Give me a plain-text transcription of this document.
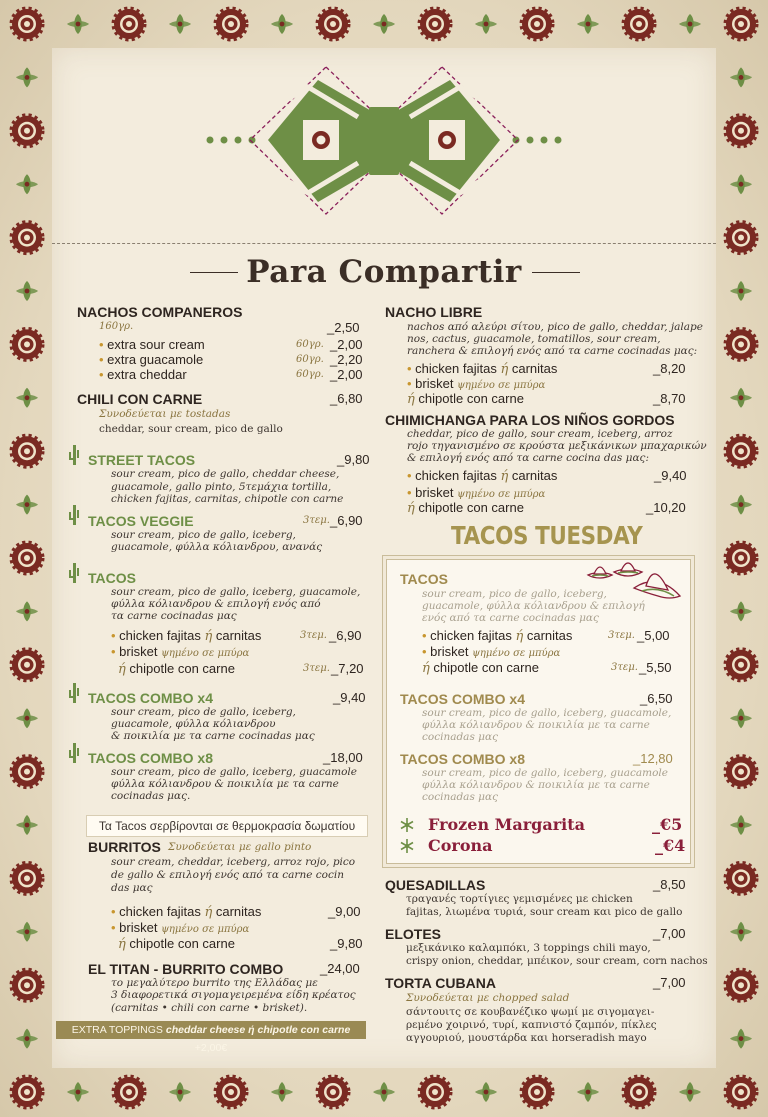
Para Compartir
NACHOS COMPANEROS
160γρ.	_2,50
• extra sour cream	60γρ. _2,00
• extra guacamole	60γρ. _2,20
• extra cheddar	60γρ. _2,00
CHILI CON CARNE	_6,80
Συνοδεύεται με tostadas
cheddar, sour cream, pico de gallo
STREET TACOS	_9,80
sour cream, pico de gallo, cheddar cheese,
guacamole, gallo pinto, 5τεμάχια tortilla,
chicken fajitas, carnitas, chipotle con carne
TACOS VEGGIE	3τεμ. _6,90
sour cream, pico de gallo, iceberg,
guacamole, φύλλα κόλιανδρου, ανανάς
TACOS
sour cream, pico de gallo, iceberg, guacamole,
φύλλα κόλιανδρου & επιλογή ενός από
τα carne cocinadas μας
• chicken fajitas ή carnitas	3τεμ. _6,90
• brisket ψημένο σε μπύρα
ή chipotle con carne	3τεμ. _7,20
TACOS COMBO x4	_9,40
sour cream, pico de gallo, iceberg,
guacamole, φύλλα κόλιανδρου
& ποικιλία με τα carne cocinadas μας
TACOS COMBO x8	_18,00
sour cream, pico de gallo, iceberg, guacamole
φύλλα κόλιανδρου & ποικιλία με τα carne
cocinadas μας.
Τα Tacos σερβίρονται σε θερμοκρασία δωματίου
BURRITOS Συνοδεύεται με gallo pinto
sour cream, cheddar, iceberg, arroz rojo, pico
de gallo & επιλογή ενός από τα carne cocin
das μας
• chicken fajitas ή carnitas	_9,00
• brisket ψημένο σε μπύρα
ή chipotle con carne	_9,80
EL TITAN - BURRITO COMBO	_24,00
το μεγαλύτερο burrito της Ελλάδας με
3 διαφορετικά σιγομαγειρεμένα είδη κρέατος
(carnitas • chili con carne • brisket).
EXTRA TOPPINGS cheddar cheese ή chipotle con carne +2,00€
NACHO LIBRE
nachos από αλεύρι σίτου, pico de gallo, cheddar, jalape
nos, cactus, guacamole, tomatillos, sour cream,
ranchera & επιλογή ενός από τα carne cocinadas μας:
• chicken fajitas ή carnitas	_8,20
• brisket ψημένο σε μπύρα
ή chipotle con carne	_8,70
CHIMICHANGA PARA LOS NIÑOS GORDOS
cheddar, pico de gallo, sour cream, iceberg, arroz
rojo τηγανισμένο σε κρούστα μεξικάνικων μπαχαρικών
& επιλογή ενός από τα carne cocina das μας:
• chicken fajitas ή carnitas	_9,40
• brisket ψημένο σε μπύρα
ή chipotle con carne	_10,20
TACOS TUESDAY
TACOS
sour cream, pico de gallo, iceberg,
guacamole, φύλλα κόλιανδρου & επιλογή
ενός από τα carne cocinadas μας
• chicken fajitas ή carnitas	3τεμ. _5,00
• brisket ψημένο σε μπύρα
ή chipotle con carne	3τεμ. _5,50
TACOS COMBO x4	_6,50
sour cream, pico de gallo, iceberg, guacamole,
φύλλα κόλιανδρου & ποικιλία με τα carne
cocinadas μας
TACOS COMBO x8	_12,80
sour cream, pico de gallo, iceberg, guacamole
φύλλα κόλιανδρου & ποικιλία με τα carne
cocinadas μας
Frozen Margarita	_€5
Corona	_€4
QUESADILLAS	_8,50
τραγανές τορτίγιες γεμισμένες με chicken
fajitas, λιωμένα τυριά, sour cream και pico de gallo
ELOTES	_7,00
μεξικάνικο καλαμπόκι, 3 toppings chili mayo,
crispy onion, cheddar, μπέικον, sour cream, corn nachos
TORTA CUBANA	_7,00
Συνοδεύεται με chopped salad
σάντουιτς σε κουβανέζικο ψωμί με σιγομαγει-
ρεμένο χοιρινό, τυρί, καπνιστό ζαμπόν, πίκλες
αγγουριού, μουστάρδα και horseradish mayo
